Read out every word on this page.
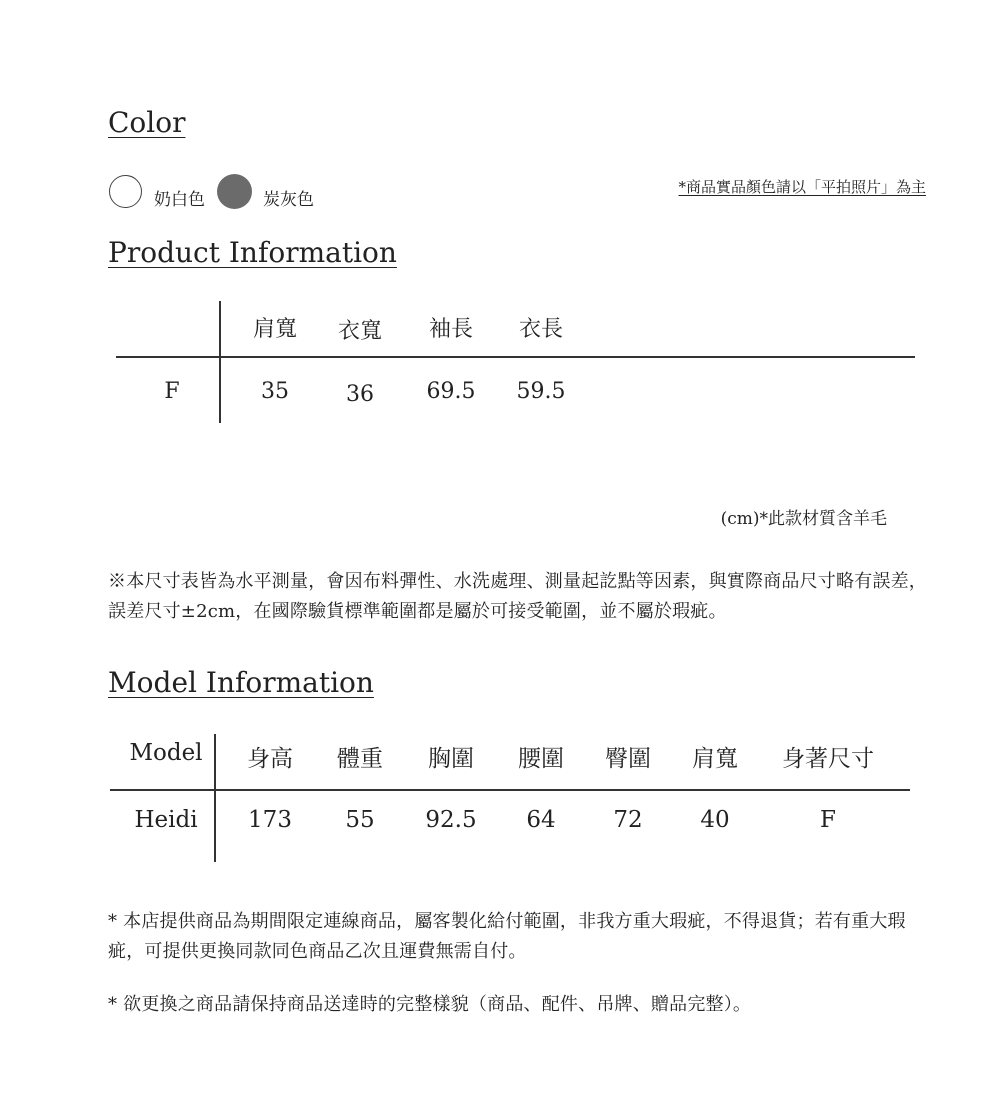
Color
奶白色	炭灰色
*商品實品顏色請以「平拍照片」為主
Product Information
肩寬 衣寬 袖長 衣長
F	35	36 69.5 59.5
(cm)*此款材質含羊毛
※本尺寸表皆為水平測量，會因布料彈性、水洗處理、測量起訖點等因素，與實際商品尺寸略有誤差，誤差尺寸±2cm，在國際驗貨標準範圍都是屬於可接受範圍，並不屬於瑕疵。
Model Information
Model 身高 體重 胸圍 腰圍 臀圍 肩寬 身著尺寸
Heidi 173 55 92.5 64	72	40	F
* 本店提供商品為期間限定連線商品，屬客製化給付範圍，非我方重大瑕疵，不得退貨；若有重大瑕疵，可提供更換同款同色商品乙次且運費無需自付。
* 欲更換之商品請保持商品送達時的完整樣貌（商品、配件、吊牌、贈品完整）。
